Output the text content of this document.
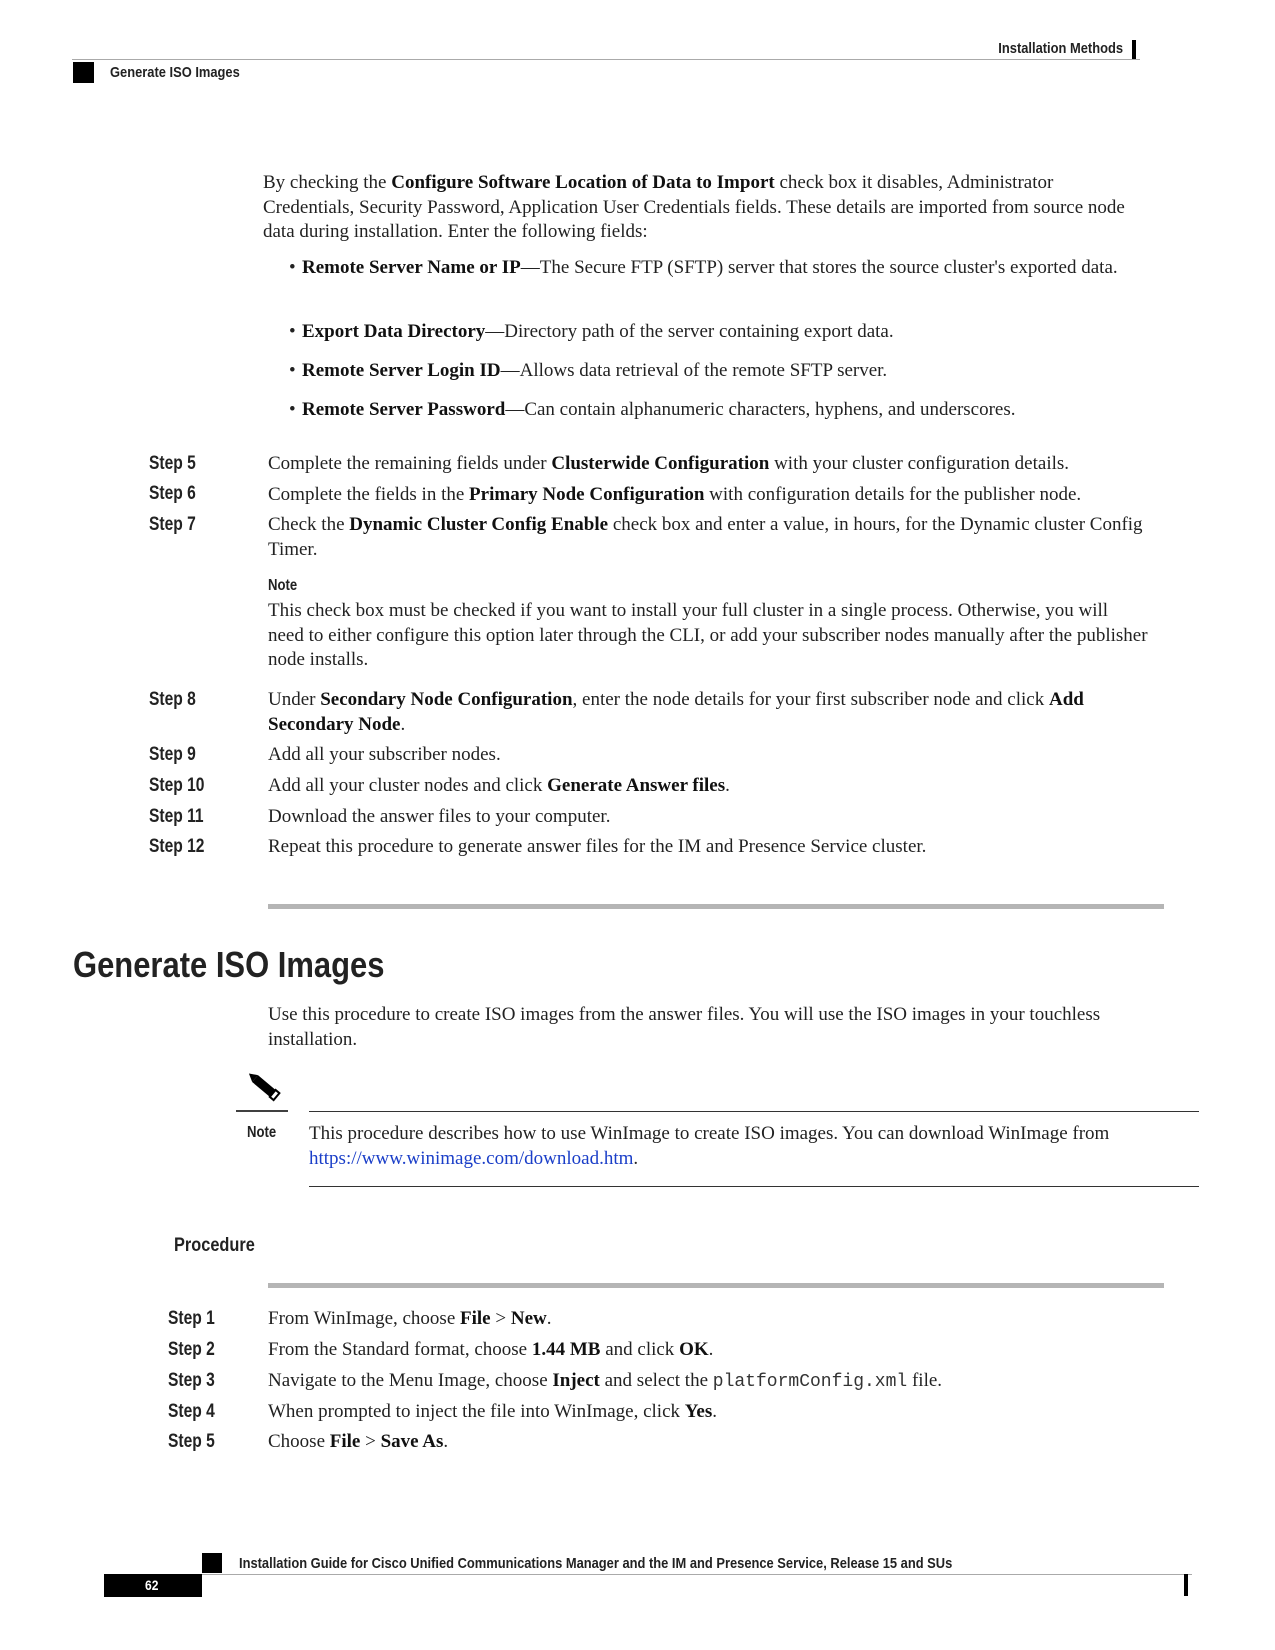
Installation Methods
Generate ISO Images
By checking the Configure Software Location of Data to Import check box it disables, Administrator Credentials, Security Password, Application User Credentials fields. These details are imported from source node data during installation. Enter the following fields:
• Remote Server Name or IP—The Secure FTP (SFTP) server that stores the source cluster's exported data.
• Export Data Directory—Directory path of the server containing export data.
• Remote Server Login ID—Allows data retrieval of the remote SFTP server.
• Remote Server Password—Can contain alphanumeric characters, hyphens, and underscores.
Step 5	Complete the remaining fields under Clusterwide Configuration with your cluster configuration details.
Step 6	Complete the fields in the Primary Node Configuration with configuration details for the publisher node.
Step 7	Check the Dynamic Cluster Config Enable check box and enter a value, in hours, for the Dynamic cluster Config Timer.
Note
This check box must be checked if you want to install your full cluster in a single process. Otherwise, you will need to either configure this option later through the CLI, or add your subscriber nodes manually after the publisher node installs.
Step 8	Under Secondary Node Configuration, enter the node details for your first subscriber node and click Add Secondary Node.
Step 9	Add all your subscriber nodes.
Step 10	Add all your cluster nodes and click Generate Answer files.
Step 11	Download the answer files to your computer.
Step 12	Repeat this procedure to generate answer files for the IM and Presence Service cluster.
Generate ISO Images
Use this procedure to create ISO images from the answer files. You will use the ISO images in your touchless installation.
Note This procedure describes how to use WinImage to create ISO images. You can download WinImage from https://www.winimage.com/download.htm.
Procedure
Step 1	From WinImage, choose File > New.
Step 2	From the Standard format, choose 1.44 MB and click OK.
Step 3	Navigate to the Menu Image, choose Inject and select the platformConfig.xml file.
Step 4	When prompted to inject the file into WinImage, click Yes.
Step 5	Choose File > Save As.
Installation Guide for Cisco Unified Communications Manager and the IM and Presence Service, Release 15 and SUs
62
